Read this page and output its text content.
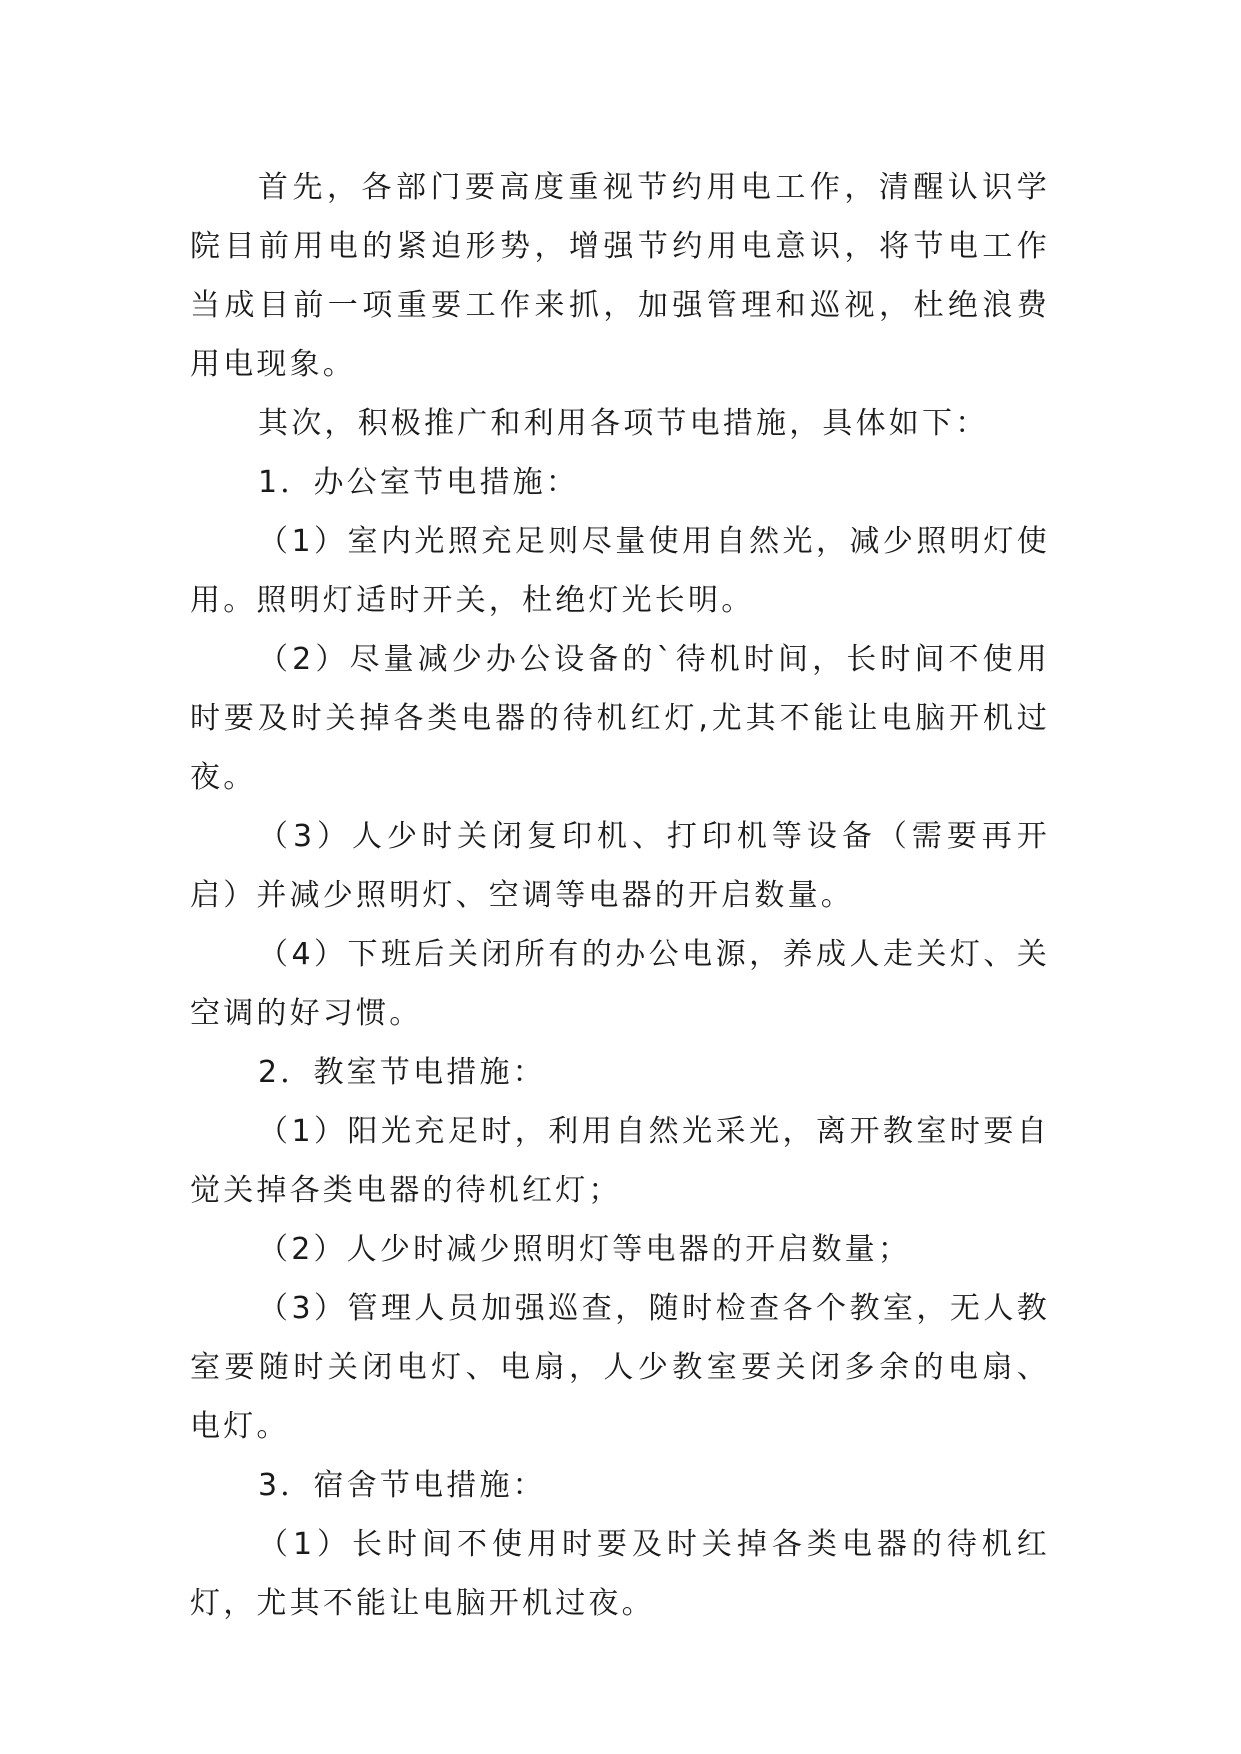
首先，各部门要高度重视节约用电工作，清醒认识学院目前用电的紧迫形势，增强节约用电意识，将节电工作当成目前一项重要工作来抓，加强管理和巡视，杜绝浪费用电现象。

其次，积极推广和利用各项节电措施，具体如下：

1．办公室节电措施：

（1）室内光照充足则尽量使用自然光，减少照明灯使用。照明灯适时开关，杜绝灯光长明。

（2）尽量减少办公设备的`待机时间，长时间不使用时要及时关掉各类电器的待机红灯,尤其不能让电脑开机过夜。

（3）人少时关闭复印机、打印机等设备（需要再开启）并减少照明灯、空调等电器的开启数量。

（4）下班后关闭所有的办公电源，养成人走关灯、关空调的好习惯。

2．教室节电措施：

（1）阳光充足时，利用自然光采光，离开教室时要自觉关掉各类电器的待机红灯；

（2）人少时减少照明灯等电器的开启数量；

（3）管理人员加强巡查，随时检查各个教室，无人教室要随时关闭电灯、电扇，人少教室要关闭多余的电扇、电灯。

3．宿舍节电措施：

（1）长时间不使用时要及时关掉各类电器的待机红灯，尤其不能让电脑开机过夜。
